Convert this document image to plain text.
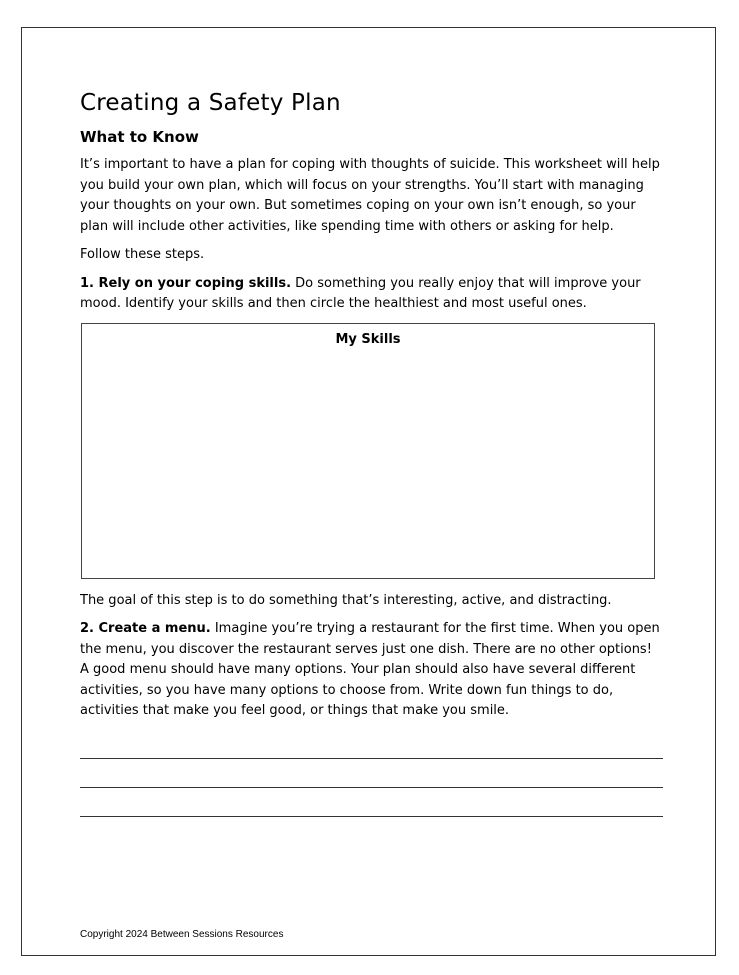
Creating a Safety Plan
What to Know

It’s important to have a plan for coping with thoughts of suicide. This worksheet will help you build your own plan, which will focus on your strengths. You’ll start with managing your thoughts on your own. But sometimes coping on your own isn’t enough, so your plan will include other activities, like spending time with others or asking for help.

Follow these steps.

1. Rely on your coping skills. Do something you really enjoy that will improve your mood. Identify your skills and then circle the healthiest and most useful ones.

My Skills

The goal of this step is to do something that’s interesting, active, and distracting.

2. Create a menu. Imagine you’re trying a restaurant for the first time. When you open the menu, you discover the restaurant serves just one dish. There are no other options! A good menu should have many options. Your plan should also have several different activities, so you have many options to choose from. Write down fun things to do, activities that make you feel good, or things that make you smile.

Copyright 2024 Between Sessions Resources
